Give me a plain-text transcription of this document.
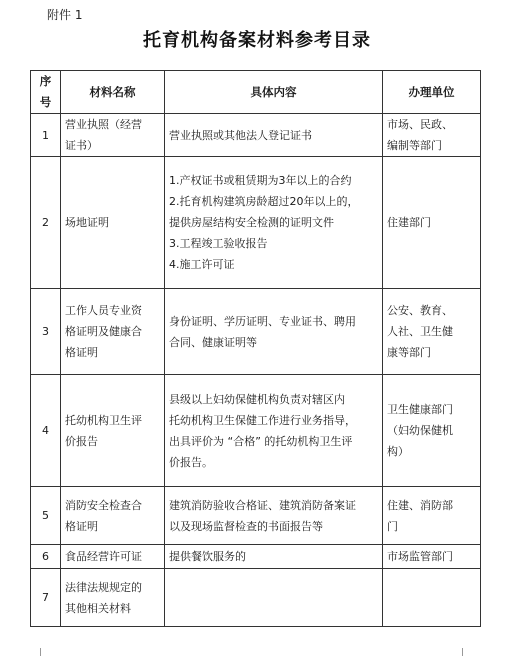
附件 1
托育机构备案材料参考目录
序号	材料名称	具体内容	办理单位
1	营业执照（经营
证书）	营业执照或其他法人登记证书	市场、民政、
编制等部门

2	场地证明	1.产权证书或租赁期为3年以上的合约
2.托育机构建筑房龄超过20年以上的，
提供房屋结构安全检测的证明文件
3.工程竣工验收报告
4.施工许可证	住建部门

3	工作人员专业资
格证明及健康合
格证明	身份证明、学历证明、专业证书、聘用
合同、健康证明等	公安、教育、
人社、卫生健
康等部门

4	托幼机构卫生评
价报告	县级以上妇幼保健机构负责对辖区内
托幼机构卫生保健工作进行业务指导，
出具评价为 “合格” 的托幼机构卫生评
价报告。	卫生健康部门
（妇幼保健机
构）

5	消防安全检查合
格证明	建筑消防验收合格证、建筑消防备案证
以及现场监督检查的书面报告等	住建、消防部
门

6	食品经营许可证	提供餐饮服务的	市场监管部门

7	法律法规规定的
其他相关材料		
